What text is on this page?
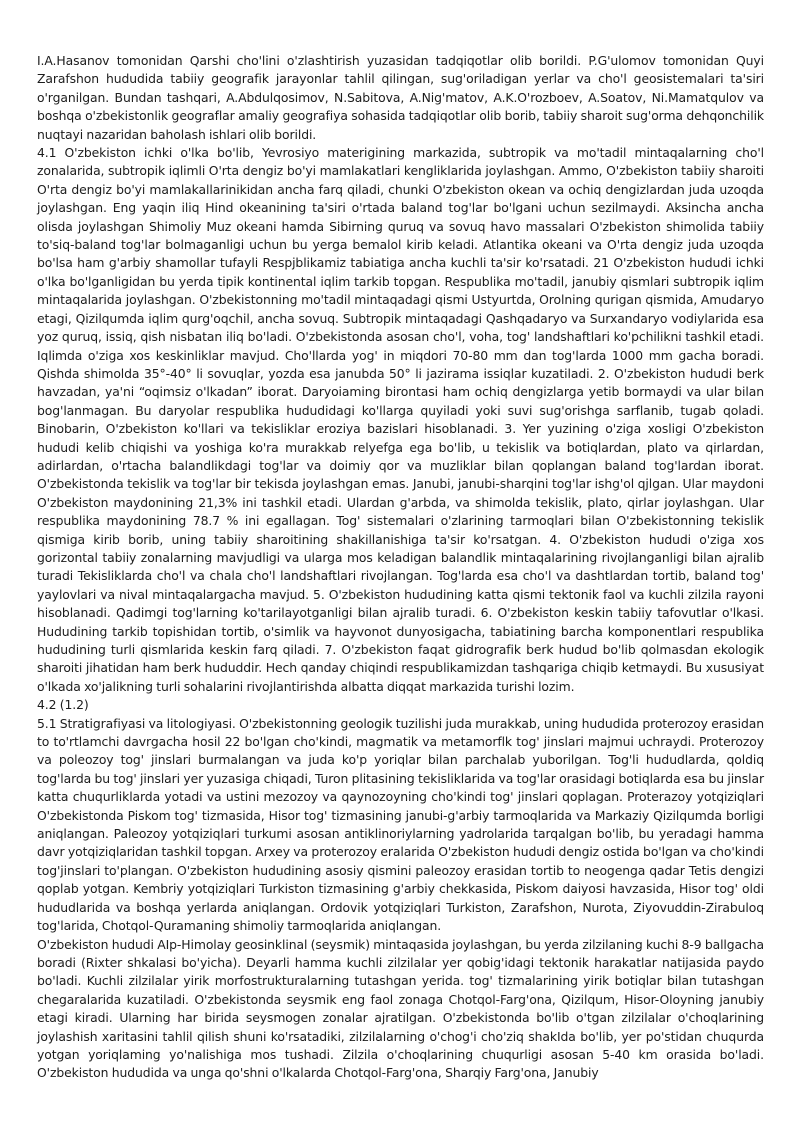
I.A.Hasanov tomonidan Qarshi cho'lini o'zlashtirish yuzasidan tadqiqotlar olib borildi. P.G'ulomov tomonidan Quyi Zarafshon hududida tabiiy geografik jarayonlar tahlil qilingan, sug'oriladigan yerlar va cho'l geosistemalari ta'siri o'rganilgan. Bundan tashqari, A.Abdulqosimov, N.Sabitova, A.Nig'matov, A.K.O'rozboev, A.Soatov, Ni.Mamatqulov va boshqa o'zbekistonlik geograflar amaliy geografiya sohasida tadqiqotlar olib borib, tabiiy sharoit sug'orma dehqonchilik nuqtayi nazaridan baholash ishlari olib borildi.

4.1 O'zbekiston ichki o'lka bo'lib, Yevrosiyo materigining markazida, subtropik va mo'tadil mintaqalarning cho'l zonalarida, subtropik iqlimli O'rta dengiz bo'yi mamlakatlari kengliklarida joylashgan. Ammo, O'zbekiston tabiiy sharoiti O'rta dengiz bo'yi mamlakallarinikidan ancha farq qiladi, chunki O'zbekiston okean va ochiq dengizlardan juda uzoqda joylashgan. Eng yaqin iliq Hind okeanining ta'siri o'rtada baland tog'lar bo'lgani uchun sezilmaydi. Aksincha ancha olisda joylashgan Shimoliy Muz okeani hamda Sibirning quruq va sovuq havo massalari O'zbekiston shimolida tabiiy to'siq-baland tog'lar bolmaganligi uchun bu yerga bemalol kirib keladi. Atlantika okeani va O'rta dengiz juda uzoqda bo'lsa ham g'arbiy shamollar tufayli Respjblikamiz tabiatiga ancha kuchli ta'sir ko'rsatadi. 21 O'zbekiston hududi ichki o'lka bo'lganligidan bu yerda tipik kontinental iqlim tarkib topgan. Respublika mo'tadil, janubiy qismlari subtropik iqlim mintaqalarida joylashgan. O'zbekistonning mo'tadil mintaqadagi qismi Ustyurtda, Orolning qurigan qismida, Amudaryo etagi, Qizilqumda iqlim qurg'oqchil, ancha sovuq. Subtropik mintaqadagi Qashqadaryo va Surxandaryo vodiylarida esa yoz quruq, issiq, qish nisbatan iliq bo'ladi. O'zbekistonda asosan cho'l, voha, tog' landshaftlari ko'pchilikni tashkil etadi. Iqlimda o'ziga xos keskinliklar mavjud. Cho'llarda yog' in miqdori 70-80 mm dan tog'larda 1000 mm gacha boradi. Qishda shimolda 35°-40° li sovuqlar, yozda esa janubda 50° li jazirama issiqlar kuzatiladi. 2. O'zbekiston hududi berk havzadan, ya'ni “oqimsiz o'lkadan” iborat. Daryoiaming birontasi ham ochiq dengizlarga yetib bormaydi va ular bilan bog'lanmagan. Bu daryolar respublika hududidagi ko'llarga quyiladi yoki suvi sug'orishga sarflanib, tugab qoladi. Binobarin, O'zbekiston ko'llari va tekisliklar eroziya bazislari hisoblanadi. 3. Yer yuzining o'ziga xosligi O'zbekiston hududi kelib chiqishi va yoshiga ko'ra murakkab relyefga ega bo'lib, u tekislik va botiqlardan, plato va qirlardan, adirlardan, o'rtacha balandlikdagi tog'lar va doimiy qor va muzliklar bilan qoplangan baland tog'lardan iborat. O'zbekistonda tekislik va tog'lar bir tekisda joylashgan emas. Janubi, janubi-sharqini tog'lar ishg'ol qjlgan. Ular maydoni O'zbekiston maydonining 21,3% ini tashkil etadi. Ulardan g'arbda, va shimolda tekislik, plato, qirlar joylashgan. Ular respublika maydonining 78.7 % ini egallagan. Tog' sistemalari o'zlarining tarmoqlari bilan O'zbekistonning tekislik qismiga kirib borib, uning tabiiy sharoitining shakillanishiga ta'sir ko'rsatgan. 4. O'zbekiston hududi o'ziga xos gorizontal tabiiy zonalarning mavjudligi va ularga mos keladigan balandlik mintaqalarining rivojlanganligi bilan ajralib turadi Tekisliklarda cho'l va chala cho'l landshaftlari rivojlangan. Tog'larda esa cho'l va dashtlardan tortib, baland tog' yaylovlari va nival mintaqalargacha mavjud. 5. O'zbekiston hududining katta qismi tektonik faol va kuchli zilzila rayoni hisoblanadi. Qadimgi tog'larning ko'tarilayotganligi bilan ajralib turadi. 6. O'zbekiston keskin tabiiy tafovutlar o'lkasi. Hududining tarkib topishidan tortib, o'simlik va hayvonot dunyosigacha, tabiatining barcha komponentlari respublika hududining turli qismlarida keskin farq qiladi. 7. O'zbekiston faqat gidrografik berk hudud bo'lib qolmasdan ekologik sharoiti jihatidan ham berk hududdir. Hech qanday chiqindi respublikamizdan tashqariga chiqib ketmaydi. Bu xususiyat o'lkada xo'jalikning turli sohalarini rivojlantirishda albatta diqqat markazida turishi lozim.

4.2 (1.2)

5.1 Stratigrafiyasi va litologiyasi. O'zbekistonning geologik tuzilishi juda murakkab, uning hududida proterozoy erasidan to to'rtlamchi davrgacha hosil 22 bo'lgan cho'kindi, magmatik va metamorflk tog' jinslari majmui uchraydi. Proterozoy va poleozoy tog' jinslari burmalangan va juda ko'p yoriqlar bilan parchalab yuborilgan. Tog'li hududlarda, qoldiq tog'larda bu tog' jinslari yer yuzasiga chiqadi, Turon plitasining tekisliklarida va tog'lar orasidagi botiqlarda esa bu jinslar katta chuqurliklarda yotadi va ustini mezozoy va qaynozoyning cho'kindi tog' jinslari qoplagan. Proterazoy yotqiziqlari O'zbekistonda Piskom tog' tizmasida, Hisor tog' tizmasining janubi-g'arbiy tarmoqlarida va Markaziy Qizilqumda borligi aniqlangan. Paleozoy yotqiziqlari turkumi asosan antiklinoriylarning yadrolarida tarqalgan bo'lib, bu yeradagi hamma davr yotqiziqlaridan tashkil topgan. Arxey va proterozoy eralarida O'zbekiston hududi dengiz ostida bo'lgan va cho'kindi tog'jinslari to'plangan. O'zbekiston hududining asosiy qismini paleozoy erasidan tortib to neogenga qadar Tetis dengizi qoplab yotgan. Kembriy yotqiziqlari Turkiston tizmasining g'arbiy chekkasida, Piskom daiyosi havzasida, Hisor tog' oldi hududlarida va boshqa yerlarda aniqlangan. Ordovik yotqiziqlari Turkiston, Zarafshon, Nurota, Ziyovuddin-Zirabuloq tog'larida, Chotqol-Quramaning shimoliy tarmoqlarida aniqlangan.

O'zbekiston hududi AIp-Himolay geosinklinal (seysmik) mintaqasida joylashgan, bu yerda zilzilaning kuchi 8-9 ballgacha boradi (Rixter shkalasi bo'yicha). Deyarli hamma kuchli zilzilalar yer qobig'idagi tektonik harakatlar natijasida paydo bo'ladi. Kuchli zilzilalar yirik morfostrukturalarning tutashgan yerida. tog' tizmalarining yirik botiqlar bilan tutashgan chegaralarida kuzatiladi. O'zbekistonda seysmik eng faol zonaga Chotqol-Farg'ona, Qizilqum, Hisor-Oloyning janubiy etagi kiradi. Ularning har birida seysmogen zonalar ajratilgan. O'zbekistonda bo'lib o'tgan zilzilalar o'choqlarining joylashish xaritasini tahlil qilish shuni ko'rsatadiki, zilzilalarning o'chog'i cho'ziq shakIda bo'lib, yer po'stidan chuqurda yotgan yoriqlaming yo'nalishiga mos tushadi. Zilzila o'choqlarining chuqurligi asosan 5-40 km orasida bo'ladi. O'zbekiston hududida va unga qo'shni o'lkalarda Chotqol-Farg'ona, Sharqiy Farg'ona, Janubiy
